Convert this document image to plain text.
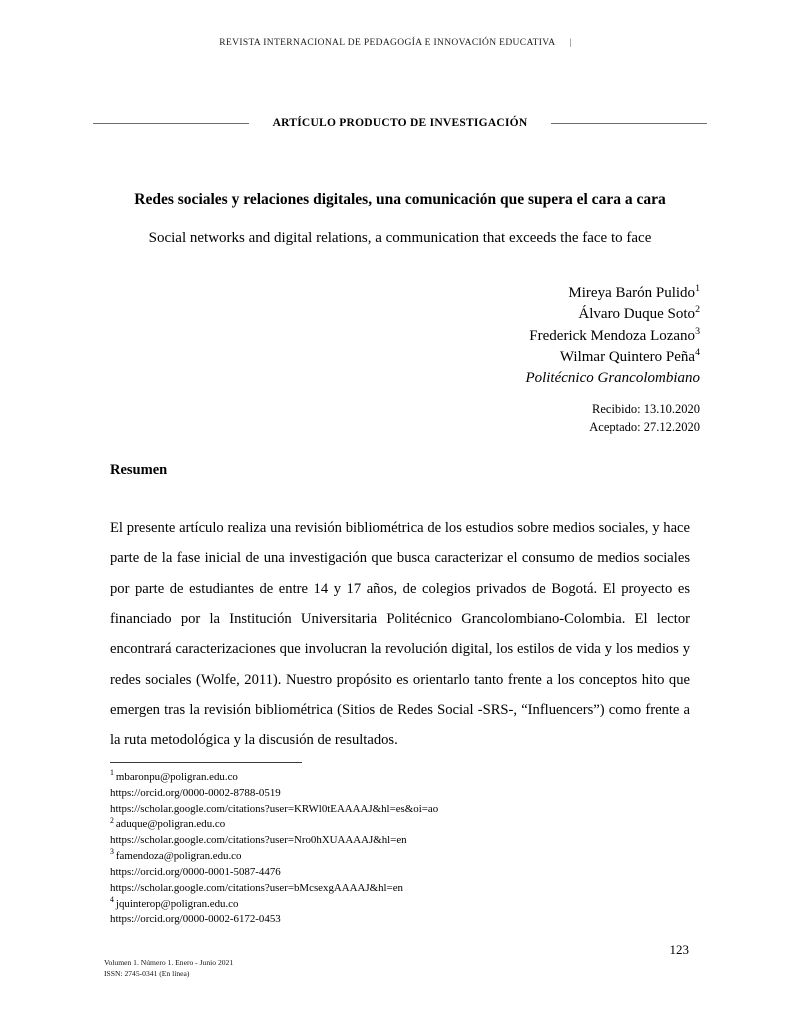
REVISTA INTERNACIONAL DE PEDAGOGÍA E INNOVACIÓN EDUCATIVA |
ARTÍCULO PRODUCTO DE INVESTIGACIÓN
Redes sociales y relaciones digitales, una comunicación que supera el cara a cara

Social networks and digital relations, a communication that exceeds the face to face

Mireya Barón Pulido$^1$
Álvaro Duque Soto$^2$
Frederick Mendoza Lozano$^3$
Wilmar Quintero Peña$^4$
Politécnico Grancolombiano
Recibido: 13.10.2020
Aceptado: 27.12.2020
Resumen

El presente artículo realiza una revisión bibliométrica de los estudios sobre medios sociales, y hace parte de la fase inicial de una investigación que busca caracterizar el consumo de medios sociales por parte de estudiantes de entre 14 y 17 años, de colegios privados de Bogotá. El proyecto es financiado por la Institución Universitaria Politécnico Grancolombiano-Colombia. El lector encontrará caracterizaciones que involucran la revolución digital, los estilos de vida y los medios y redes sociales (Wolfe, 2011). Nuestro propósito es orientarlo tanto frente a los conceptos hito que emergen tras la revisión bibliométrica (Sitios de Redes Social -SRS-, “Influencers”) como frente a la ruta metodológica y la discusión de resultados.

$^1$ mbaronpu@poligran.edu.co
https://orcid.org/0000-0002-8788-0519
https://scholar.google.com/citations?user=KRWl0tEAAAAJ&hl=es&oi=ao
$^2$ aduque@poligran.edu.co
https://scholar.google.com/citations?user=Nro0hXUAAAAJ&hl=en
$^3$ famendoza@poligran.edu.co
https://orcid.org/0000-0001-5087-4476
https://scholar.google.com/citations?user=bMcsexgAAAAJ&hl=en
$^4$ jquinterop@poligran.edu.co
https://orcid.org/0000-0002-6172-0453
123
Volumen 1. Número 1. Enero - Junio 2021
ISSN: 2745-0341 (En línea)
